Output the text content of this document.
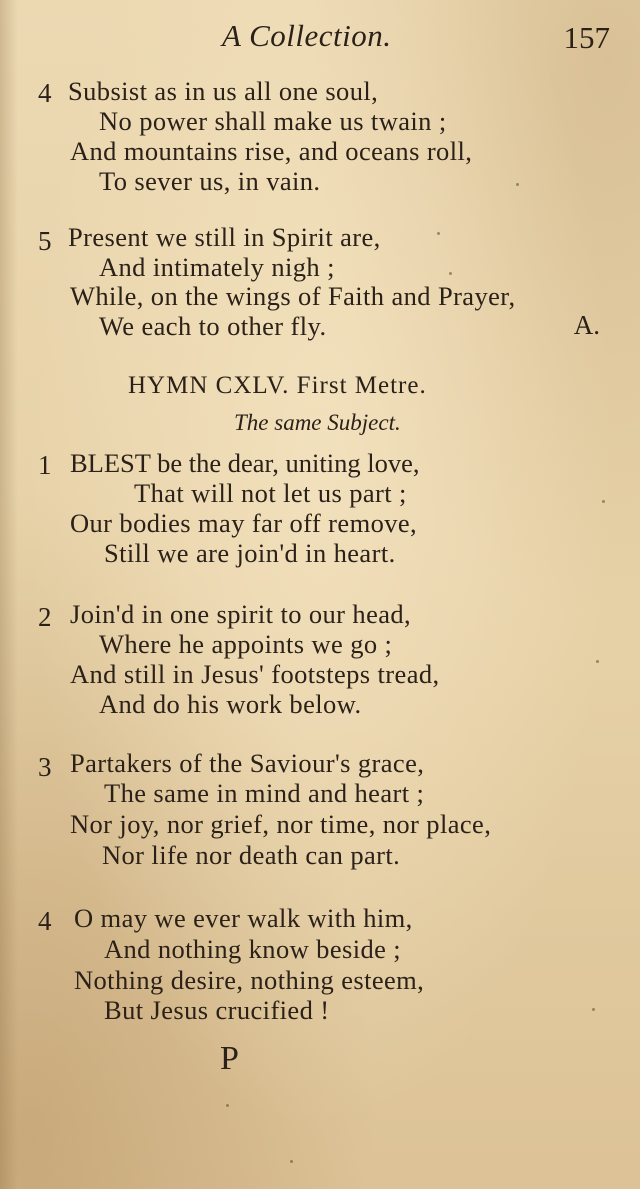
A Collection.	157
4 Subsist as in us all one soul,
No power shall make us twain ;
And mountains rise, and oceans roll,
To sever us, in vain.
5 Present we still in Spirit are,
And intimately nigh ;
While, on the wings of Faith and Prayer,
We each to other fly.	A.
HYMN CXLV. First Metre.
The same Subject.
1 BLEST be the dear, uniting love,
That will not let us part ;
Our bodies may far off remove,
Still we are join'd in heart.
2 Join'd in one spirit to our head,
Where he appoints we go ;
And still in Jesus' footsteps tread,
And do his work below.
3 Partakers of the Saviour's grace,
The same in mind and heart ;
Nor joy, nor grief, nor time, nor place,
Nor life nor death can part.
4 O may we ever walk with him,
And nothing know beside ;
Nothing desire, nothing esteem,
But Jesus crucified !
P
